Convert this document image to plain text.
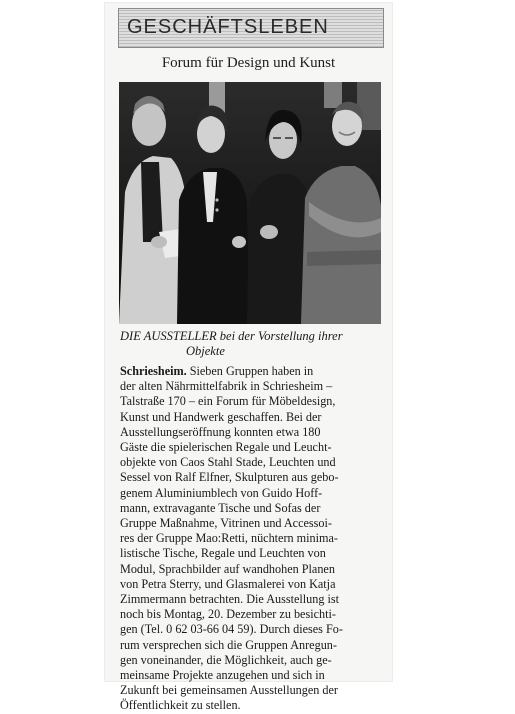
GESCHÄFTSLEBEN
Forum für Design und Kunst
DIE AUSSTELLER bei der Vorstellung ihrer
Objekte
Schriesheim. Sieben Gruppen haben in
der alten Nährmittelfabrik in Schriesheim –
Talstraße 170 – ein Forum für Möbeldesign,
Kunst und Handwerk geschaffen. Bei der
Ausstellungseröffnung konnten etwa 180
Gäste die spielerischen Regale und Leucht-
objekte von Caos Stahl Stade, Leuchten und
Sessel von Ralf Elfner, Skulpturen aus gebo-
genem Aluminiumblech von Guido Hoff-
mann, extravagante Tische und Sofas der
Gruppe Maßnahme, Vitrinen und Accessoi-
res der Gruppe Mao:Retti, nüchtern minima-
listische Tische, Regale und Leuchten von
Modul, Sprachbilder auf wandhohen Planen
von Petra Sterry, und Glasmalerei von Katja
Zimmermann betrachten. Die Ausstellung ist
noch bis Montag, 20. Dezember zu besichti-
gen (Tel. 0 62 03-66 04 59). Durch dieses Fo-
rum versprechen sich die Gruppen Anregun-
gen voneinander, die Möglichkeit, auch ge-
meinsame Projekte anzugehen und sich in
Zukunft bei gemeinsamen Ausstellungen der
Öffentlichkeit zu stellen.
